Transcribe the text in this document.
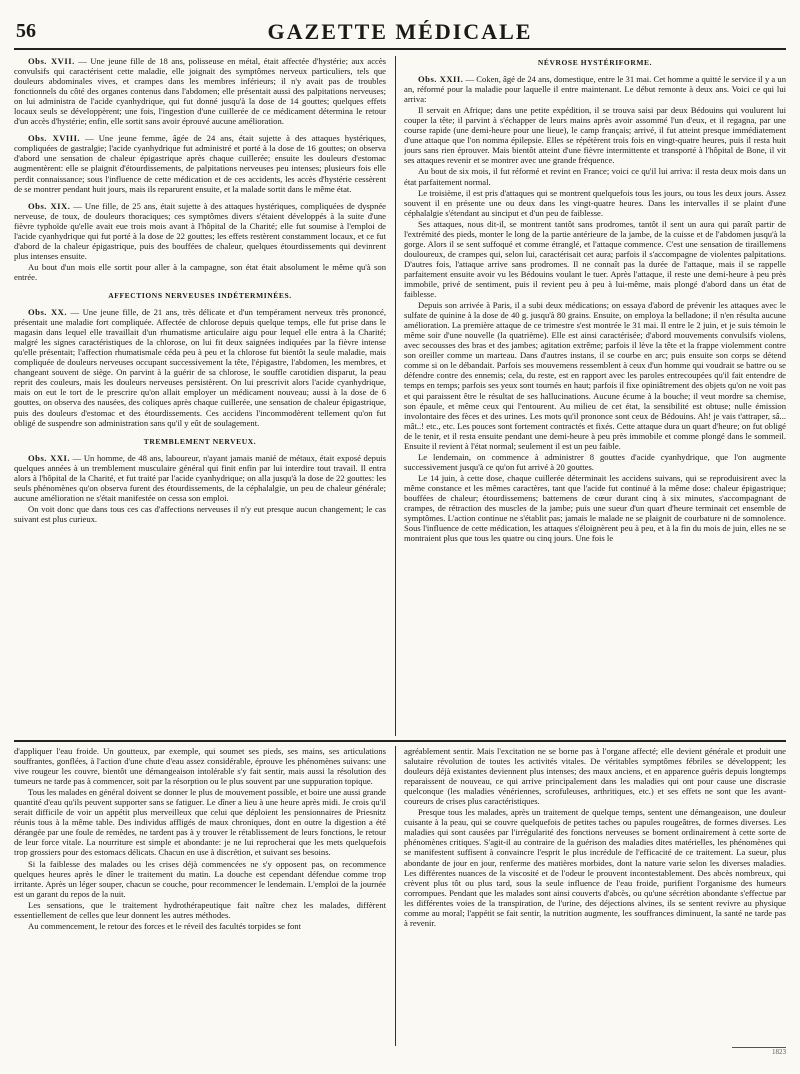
56	GAZETTE MÉDICALE

Obs. XVII. — Une jeune fille de 18 ans, polisseuse en métal, était affectée d'hystérie; aux accès convulsifs qui caractérisent cette maladie, elle joignait des symptômes nerveux particuliers, tels que douleurs abdominales vives, et crampes dans les membres inférieurs; il n'y avait pas de troubles fonctionnels du côté des organes contenus dans l'abdomen; elle présentait aussi des palpitations nerveuses; on lui administra de l'acide cyanhydrique, qui fut donné jusqu'à la dose de 14 gouttes; quelques effets locaux seuls se développèrent; une fois, l'ingestion d'une cuillerée de ce médicament détermina le retour d'un accès d'hystérie; enfin, elle sortit sans avoir éprouvé aucune amélioration.

Obs. XVIII. — Une jeune femme, âgée de 24 ans, était sujette à des attaques hystériques, compliquées de gastralgie; l'acide cyanhydrique fut administré et porté à la dose de 16 gouttes; on observa d'abord une sensation de chaleur épigastrique après chaque cuillerée; ensuite les douleurs d'estomac augmentèrent: elle se plaignit d'étourdissements, de palpitations nerveuses peu intenses; plusieurs fois elle perdit connaissance; sous l'influence de cette médication et de ces accidents, les accès d'hystérie cessèrent de se montrer pendant huit jours, mais ils reparurent ensuite, et la malade sortit dans le même état.

Obs. XIX. — Une fille, de 25 ans, était sujette à des attaques hystériques, compliquées de dyspnée nerveuse, de toux, de douleurs thoraciques; ces symptômes divers s'étaient développés à la suite d'une fièvre typhoïde qu'elle avait eue trois mois avant à l'hôpital de la Charité; elle fut soumise à l'emploi de l'acide cyanhydrique qui fut porté à la dose de 22 gouttes; les effets restèrent constamment locaux, et ce fut d'abord de la chaleur épigastrique, puis des bouffées de chaleur, quelques étourdissements qui devinrent plus intenses ensuite.

Au bout d'un mois elle sortit pour aller à la campagne, son état était absolument le même qu'à son entrée.

AFFECTIONS NERVEUSES INDÉTERMINÉES.

Obs. XX. — Une jeune fille, de 21 ans, très délicate et d'un tempérament nerveux très prononcé, présentait une maladie fort compliquée. Affectée de chlorose depuis quelque temps, elle fut prise dans le magasin dans lequel elle travaillait d'un rhumatisme articulaire aigu pour lequel elle entra à la Charité; malgré les signes caractéristiques de la chlorose, on lui fit deux saignées indiquées par la fièvre intense qu'elle présentait; l'affection rhumatismale céda peu à peu et la chlorose fut bientôt la seule maladie, mais compliquée de douleurs nerveuses occupant successivement la tête, l'épigastre, l'abdomen, les membres, et changeant souvent de siège. On parvint à la guérir de sa chlorose, le souffle carotidien disparut, la peau reprit des couleurs, mais les douleurs nerveuses persistèrent. On lui prescrivit alors l'acide cyanhydrique, mais on eut le tort de le prescrire qu'on allait employer un médicament nouveau; aussi à la dose de 6 gouttes, on observa des nausées, des coliques après chaque cuillerée, une sensation de chaleur épigastrique, puis des douleurs d'estomac et des étourdissements. Ces accidens l'incommodèrent tellement qu'on fut obligé de suspendre son administration sans qu'il y eût de soulagement.

TREMBLEMENT NERVEUX.

Obs. XXI. — Un homme, de 48 ans, laboureur, n'ayant jamais manié de métaux, était exposé depuis quelques années à un tremblement musculaire général qui finit enfin par lui interdire tout travail. Il entra alors à l'hôpital de la Charité, et fut traité par l'acide cyanhydrique; on alla jusqu'à la dose de 22 gouttes: les seuls phénomènes qu'on observa furent des étourdissements, de la céphalalgie, un peu de chaleur générale; aucune amélioration ne s'était manifestée on cessa son emploi.

On voit donc que dans tous ces cas d'affections nerveuses il n'y eut presque aucun changement; le cas suivant est plus curieux.

NÉVROSE HYSTÉRIFORME.

Obs. XXII. — Coken, âgé de 24 ans, domestique, entre le 31 mai. Cet homme a quitté le service il y a un an, réformé pour la maladie pour laquelle il entre maintenant. Le début remonte à deux ans. Voici ce qui lui arriva:

Il servait en Afrique; dans une petite expédition, il se trouva saisi par deux Bédouins qui voulurent lui couper la tête; il parvint à s'échapper de leurs mains après avoir assommé l'un d'eux, et il regagna, par une course rapide (une demi-heure pour une lieue), le camp français; arrivé, il fut atteint presque immédiatement d'une attaque que l'on nomma épilepsie. Elles se répétèrent trois fois en vingt-quatre heures, puis il resta huit jours sans rien éprouver. Mais bientôt atteint d'une fièvre intermittente et transporté à l'hôpital de Bone, il vit ses attaques revenir et se montrer avec une grande fréquence.

Au bout de six mois, il fut réformé et revint en France; voici ce qu'il lui arriva: il resta deux mois dans un état parfaitement normal.

Le troisième, il est pris d'attaques qui se montrent quelquefois tous les jours, ou tous les deux jours. Assez souvent il en présente une ou deux dans les vingt-quatre heures. Dans les intervalles il se plaint d'une céphalalgie s'étendant au sinciput et d'un peu de faiblesse.

Ses attaques, nous dit-il, se montrent tantôt sans prodromes, tantôt il sent un aura qui paraît partir de l'extrémité des pieds, monter le long de la partie antérieure de la jambe, de la cuisse et de l'abdomen jusqu'à la gorge. Alors il se sent suffoqué et comme étranglé, et l'attaque commence. C'est une sensation de tiraillemens douloureux, de crampes qui, selon lui, caractérisait cet aura; parfois il s'accompagne de violentes palpitations. D'autres fois, l'attaque arrive sans prodromes. Il ne connaît pas la durée de l'attaque, mais il se rappelle parfaitement ensuite avoir vu les Bédouins voulant le tuer. Après l'attaque, il reste une demi-heure à peu près immobile, privé de sentiment, puis il revient peu à peu à lui-même, mais plongé d'abord dans un état de faiblesse.

Depuis son arrivée à Paris, il a subi deux médications; on essaya d'abord de prévenir les attaques avec le sulfate de quinine à la dose de 40 g. jusqu'à 80 grains. Ensuite, on employa la belladone; il n'en résulta aucune amélioration. La première attaque de ce trimestre s'est montrée le 31 mai. Il entre le 2 juin, et je suis témoin le même soir d'une nouvelle (la quatrième). Elle est ainsi caractérisée; d'abord mouvements convulsifs violens, avec secousses des bras et des jambes; agitation extrême; parfois il lève la tête et la frappe violemment contre son oreiller comme un marteau. Dans d'autres instans, il se courbe en arc; puis ensuite son corps se détend comme si on le débandait. Parfois ses mouvemens ressemblent à ceux d'un homme qui voudrait se battre ou se défendre contre des ennemis; cela, du reste, est en rapport avec les paroles entrecoupées qu'il fait entendre de temps en temps; parfois ses yeux sont tournés en haut; parfois il fixe opiniâtrement des objets qu'on ne voit pas et qui paraissent être le résultat de ses hallucinations. Aucune écume à la bouche; il veut mordre sa chemise, son épaule, et même ceux qui l'entourent. Au milieu de cet état, la sensibilité est obtuse; nulle émission involontaire des fèces et des urines. Les mots qu'il prononce sont ceux de Bédouins. Ah! je vais t'attraper, sâ... mât..! etc., etc. Les pouces sont fortement contractés et fixés. Cette attaque dura un quart d'heure; on fut obligé de le tenir, et il resta ensuite pendant une demi-heure à peu près immobile et comme plongé dans le sommeil. Ensuite il revient à l'état normal; seulement il est un peu faible.

Le lendemain, on commence à administrer 8 gouttes d'acide cyanhydrique, que l'on augmente successivement jusqu'à ce qu'on fut arrivé à 20 gouttes.

Le 14 juin, à cette dose, chaque cuillerée déterminait les accidens suivans, qui se reproduisirent avec la même constance et les mêmes caractères, tant que l'acide fut continué à la même dose: chaleur épigastrique; bouffées de chaleur; étourdissemens; battemens de cœur durant cinq à six minutes, s'accompagnant de crampes, de rétraction des muscles de la jambe; puis une sueur d'un quart d'heure terminait cet ensemble de symptômes. L'action continue ne s'établit pas; jamais le malade ne se plaignit de courbature ni de somnolence. Sous l'influence de cette médication, les attaques s'éloignèrent peu à peu, et à la fin du mois de juin, elles ne se montraient plus que tous les quatre ou cinq jours. Une fois le

d'appliquer l'eau froide. Un goutteux, par exemple, qui soumet ses pieds, ses mains, ses articulations souffrantes, gonflées, à l'action d'une chute d'eau assez considérable, éprouve les phénomènes suivans: une vive rougeur les couvre, bientôt une démangeaison intolérable s'y fait sentir, mais aussi la résolution des tumeurs ne tarde pas à commencer, soit par la résorption ou le plus souvent par une suppuration topique.

Tous les malades en général doivent se donner le plus de mouvement possible, et boire une aussi grande quantité d'eau qu'ils peuvent supporter sans se fatiguer. Le dîner a lieu à une heure après midi. Je crois qu'il serait difficile de voir un appétit plus merveilleux que celui que déploient les pensionnaires de Priesnitz réunis tous à la même table. Des individus affligés de maux chroniques, dont en outre la digestion a été dérangée par une foule de remèdes, ne tardent pas à y trouver le rétablissement de leurs fonctions, le retour de leur force vitale. La nourriture est simple et abondante: je ne lui reprocherai que les mets quelquefois trop grossiers pour des estomacs délicats. Chacun en use à discrétion, et suivant ses besoins.

Si la faiblesse des malades ou les crises déjà commencées ne s'y opposent pas, on recommence quelques heures après le dîner le traitement du matin. La douche est cependant défendue comme trop irritante. Après un léger souper, chacun se couche, pour recommencer le lendemain. L'emploi de la journée est un garant du repos de la nuit.

Les sensations, que le traitement hydrothérapeutique fait naître chez les malades, diffèrent essentiellement de celles que leur donnent les autres méthodes.

Au commencement, le retour des forces et le réveil des facultés torpides se font

agréablement sentir. Mais l'excitation ne se borne pas à l'organe affecté; elle devient générale et produit une salutaire révolution de toutes les activités vitales. De véritables symptômes fébriles se développent; les douleurs déjà existantes deviennent plus intenses; des maux anciens, et en apparence guéris depuis longtemps reparaissent de nouveau, ce qui arrive principalement dans les maladies qui ont pour cause une discrasie quelconque (les maladies vénériennes, scrofuleuses, arthritiques, etc.) et ses effets ne sont que les avant-coureurs de crises plus caractéristiques.

Presque tous les malades, après un traitement de quelque temps, sentent une démangeaison, une douleur cuisante à la peau, qui se couvre quelquefois de petites taches ou papules rougeâtres, de formes diverses. Les maladies qui sont causées par l'irrégularité des fonctions nerveuses se bornent ordinairement à cette sorte de phénomènes critiques. S'agit-il au contraire de la guérison des maladies dites matérielles, les phénomènes qui se manifestent suffisent à convaincre l'esprit le plus incrédule de l'efficacité de ce traitement. La sueur, plus abondante de jour en jour, renferme des matières morbides, dont la nature varie selon les diverses maladies. Les différentes nuances de la viscosité et de l'odeur le prouvent incontestablement. Des abcès nombreux, qui crèvent plus tôt ou plus tard, sous la seule influence de l'eau froide, purifient l'organisme des humeurs corrompues. Pendant que les malades sont ainsi couverts d'abcès, ou qu'une sécrétion abondante s'effectue par les différentes voies de la transpiration, de l'urine, des déjections alvines, ils se sentent revivre au physique comme au moral; l'appétit se fait sentir, la nutrition augmente, les souffrances diminuent, la santé ne tarde pas à revenir.

1823
